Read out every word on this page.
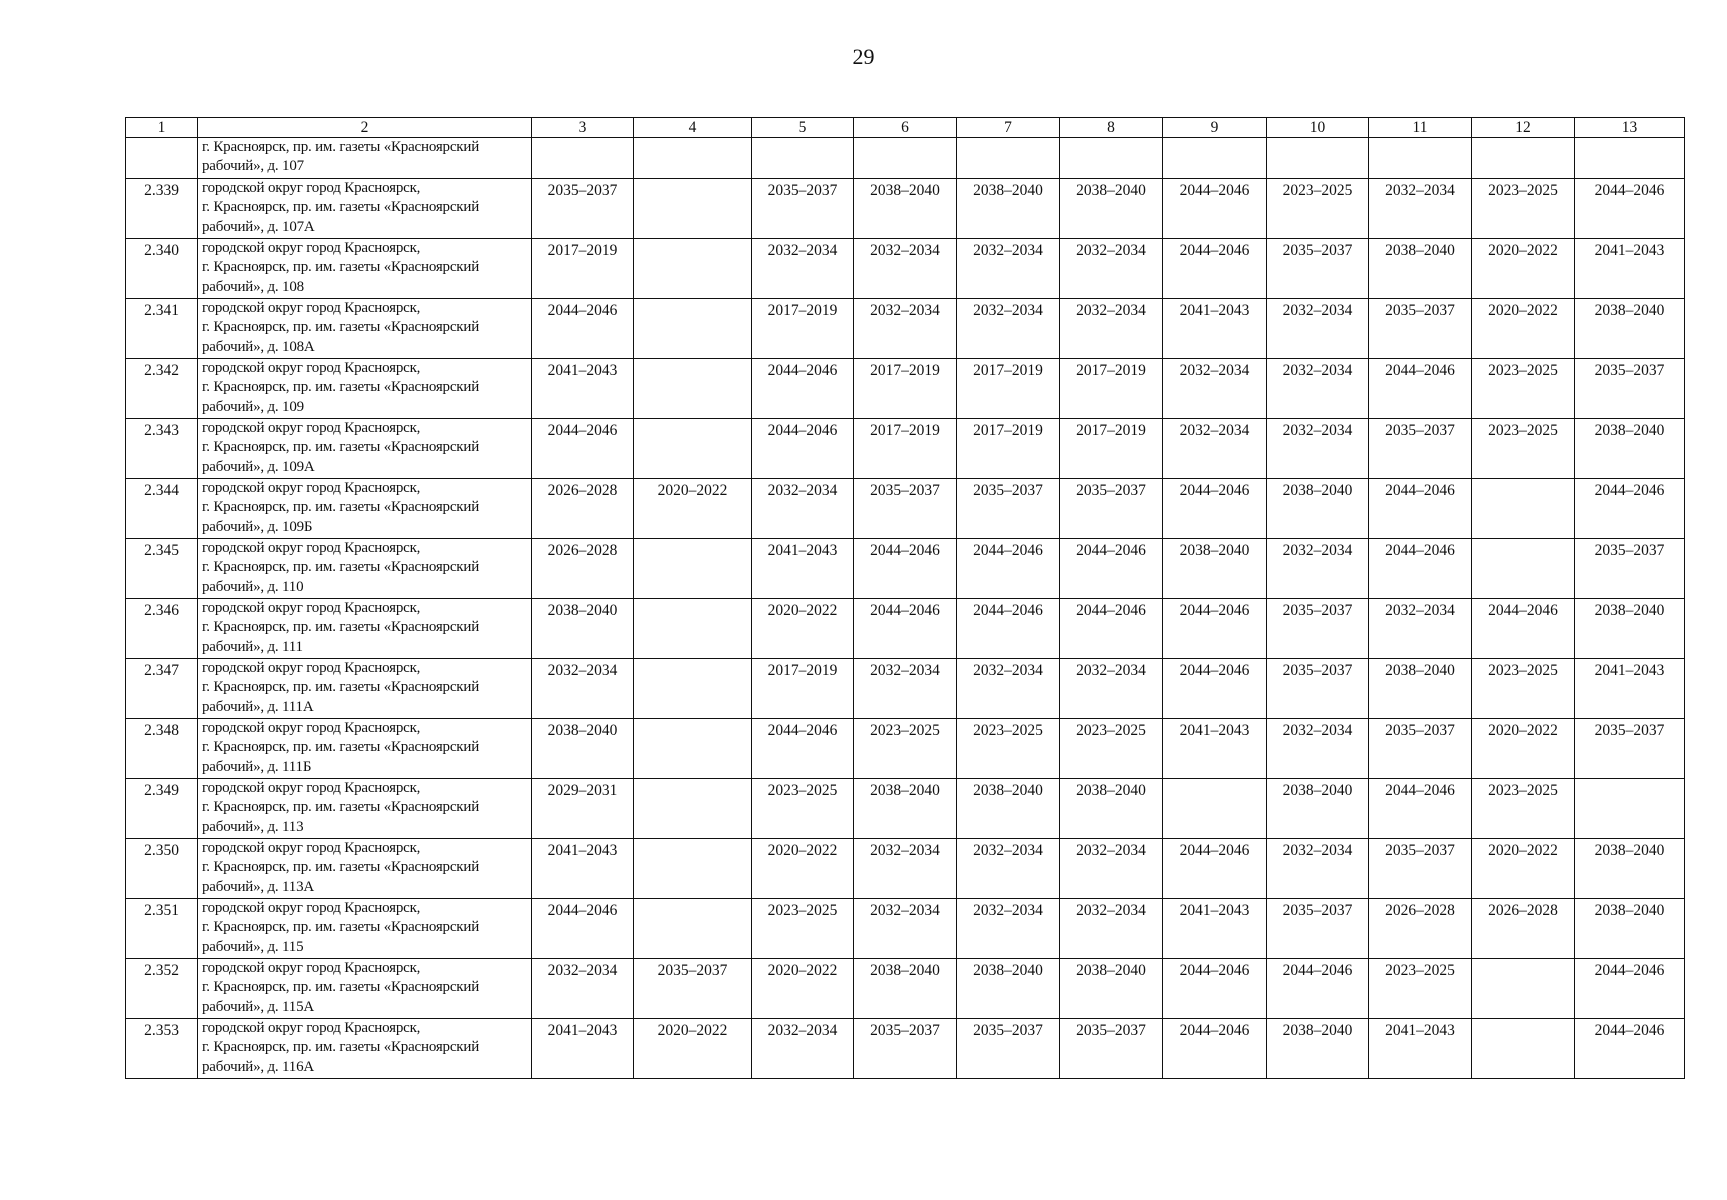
29
1	2	3	4	5	6	7	8	9	10	11	12	13
	г. Красноярск, пр. им. газеты «Красноярский
рабочий», д. 107											
2.339	городской округ город Красноярск,
г. Красноярск, пр. им. газеты «Красноярский
рабочий», д. 107А	2035–2037		2035–2037	2038–2040	2038–2040	2038–2040	2044–2046	2023–2025	2032–2034	2023–2025	2044–2046
2.340	городской округ город Красноярск,
г. Красноярск, пр. им. газеты «Красноярский
рабочий», д. 108	2017–2019		2032–2034	2032–2034	2032–2034	2032–2034	2044–2046	2035–2037	2038–2040	2020–2022	2041–2043
2.341	городской округ город Красноярск,
г. Красноярск, пр. им. газеты «Красноярский
рабочий», д. 108А	2044–2046		2017–2019	2032–2034	2032–2034	2032–2034	2041–2043	2032–2034	2035–2037	2020–2022	2038–2040
2.342	городской округ город Красноярск,
г. Красноярск, пр. им. газеты «Красноярский
рабочий», д. 109	2041–2043		2044–2046	2017–2019	2017–2019	2017–2019	2032–2034	2032–2034	2044–2046	2023–2025	2035–2037
2.343	городской округ город Красноярск,
г. Красноярск, пр. им. газеты «Красноярский
рабочий», д. 109А	2044–2046		2044–2046	2017–2019	2017–2019	2017–2019	2032–2034	2032–2034	2035–2037	2023–2025	2038–2040
2.344	городской округ город Красноярск,
г. Красноярск, пр. им. газеты «Красноярский
рабочий», д. 109Б	2026–2028	2020–2022	2032–2034	2035–2037	2035–2037	2035–2037	2044–2046	2038–2040	2044–2046		2044–2046
2.345	городской округ город Красноярск,
г. Красноярск, пр. им. газеты «Красноярский
рабочий», д. 110	2026–2028		2041–2043	2044–2046	2044–2046	2044–2046	2038–2040	2032–2034	2044–2046		2035–2037
2.346	городской округ город Красноярск,
г. Красноярск, пр. им. газеты «Красноярский
рабочий», д. 111	2038–2040		2020–2022	2044–2046	2044–2046	2044–2046	2044–2046	2035–2037	2032–2034	2044–2046	2038–2040
2.347	городской округ город Красноярск,
г. Красноярск, пр. им. газеты «Красноярский
рабочий», д. 111А	2032–2034		2017–2019	2032–2034	2032–2034	2032–2034	2044–2046	2035–2037	2038–2040	2023–2025	2041–2043
2.348	городской округ город Красноярск,
г. Красноярск, пр. им. газеты «Красноярский
рабочий», д. 111Б	2038–2040		2044–2046	2023–2025	2023–2025	2023–2025	2041–2043	2032–2034	2035–2037	2020–2022	2035–2037
2.349	городской округ город Красноярск,
г. Красноярск, пр. им. газеты «Красноярский
рабочий», д. 113	2029–2031		2023–2025	2038–2040	2038–2040	2038–2040		2038–2040	2044–2046	2023–2025	
2.350	городской округ город Красноярск,
г. Красноярск, пр. им. газеты «Красноярский
рабочий», д. 113А	2041–2043		2020–2022	2032–2034	2032–2034	2032–2034	2044–2046	2032–2034	2035–2037	2020–2022	2038–2040
2.351	городской округ город Красноярск,
г. Красноярск, пр. им. газеты «Красноярский
рабочий», д. 115	2044–2046		2023–2025	2032–2034	2032–2034	2032–2034	2041–2043	2035–2037	2026–2028	2026–2028	2038–2040
2.352	городской округ город Красноярск,
г. Красноярск, пр. им. газеты «Красноярский
рабочий», д. 115А	2032–2034	2035–2037	2020–2022	2038–2040	2038–2040	2038–2040	2044–2046	2044–2046	2023–2025		2044–2046
2.353	городской округ город Красноярск,
г. Красноярск, пр. им. газеты «Красноярский
рабочий», д. 116А	2041–2043	2020–2022	2032–2034	2035–2037	2035–2037	2035–2037	2044–2046	2038–2040	2041–2043		2044–2046
